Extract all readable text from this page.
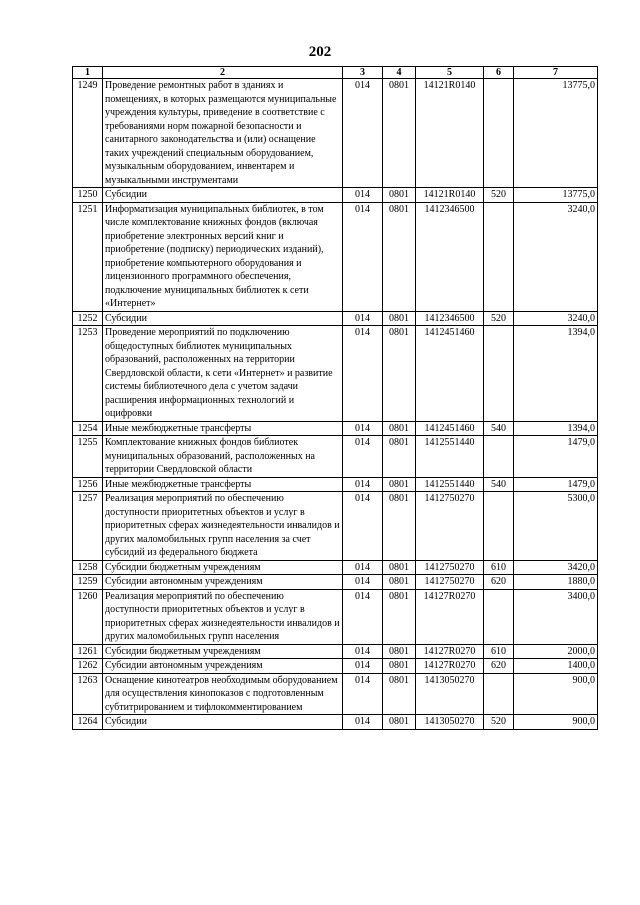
202
1	2	3	4	5	6	7
1249	Проведение ремонтных работ в зданиях и помещениях, в которых размещаются муниципальные учреждения культуры, приведение в соответствие с требованиями норм пожарной безопасности и санитарного законодательства и (или) оснащение таких учреждений специальным оборудованием, музыкальным оборудованием, инвентарем и музыкальными инструментами	014	0801	14121R0140		13775,0
1250	Субсидии	014	0801	14121R0140	520	13775,0
1251	Информатизация муниципальных библиотек, в том числе комплектование книжных фондов (включая приобретение электронных версий книг и приобретение (подписку) периодических изданий), приобретение компьютерного оборудования и лицензионного программного обеспечения, подключение муниципальных библиотек к сети «Интернет»	014	0801	1412346500		3240,0
1252	Субсидии	014	0801	1412346500	520	3240,0
1253	Проведение мероприятий по подключению общедоступных библиотек муниципальных образований, расположенных на территории Свердловской области, к сети «Интернет» и развитие системы библиотечного дела с учетом задачи расширения информационных технологий и оцифровки	014	0801	1412451460		1394,0
1254	Иные межбюджетные трансферты	014	0801	1412451460	540	1394,0
1255	Комплектование книжных фондов библиотек муниципальных образований, расположенных на территории Свердловской области	014	0801	1412551440		1479,0
1256	Иные межбюджетные трансферты	014	0801	1412551440	540	1479,0
1257	Реализация мероприятий по обеспечению доступности приоритетных объектов и услуг в приоритетных сферах жизнедеятельности инвалидов и других маломобильных групп населения за счет субсидий из федерального бюджета	014	0801	1412750270		5300,0
1258	Субсидии бюджетным учреждениям	014	0801	1412750270	610	3420,0
1259	Субсидии автономным учреждениям	014	0801	1412750270	620	1880,0
1260	Реализация мероприятий по обеспечению доступности приоритетных объектов и услуг в приоритетных сферах жизнедеятельности инвалидов и других маломобильных групп населения	014	0801	14127R0270		3400,0
1261	Субсидии бюджетным учреждениям	014	0801	14127R0270	610	2000,0
1262	Субсидии автономным учреждениям	014	0801	14127R0270	620	1400,0
1263	Оснащение кинотеатров необходимым оборудованием для осуществления кинопоказов с подготовленным субтитрированием и тифлокомментированием	014	0801	1413050270		900,0
1264	Субсидии	014	0801	1413050270	520	900,0
